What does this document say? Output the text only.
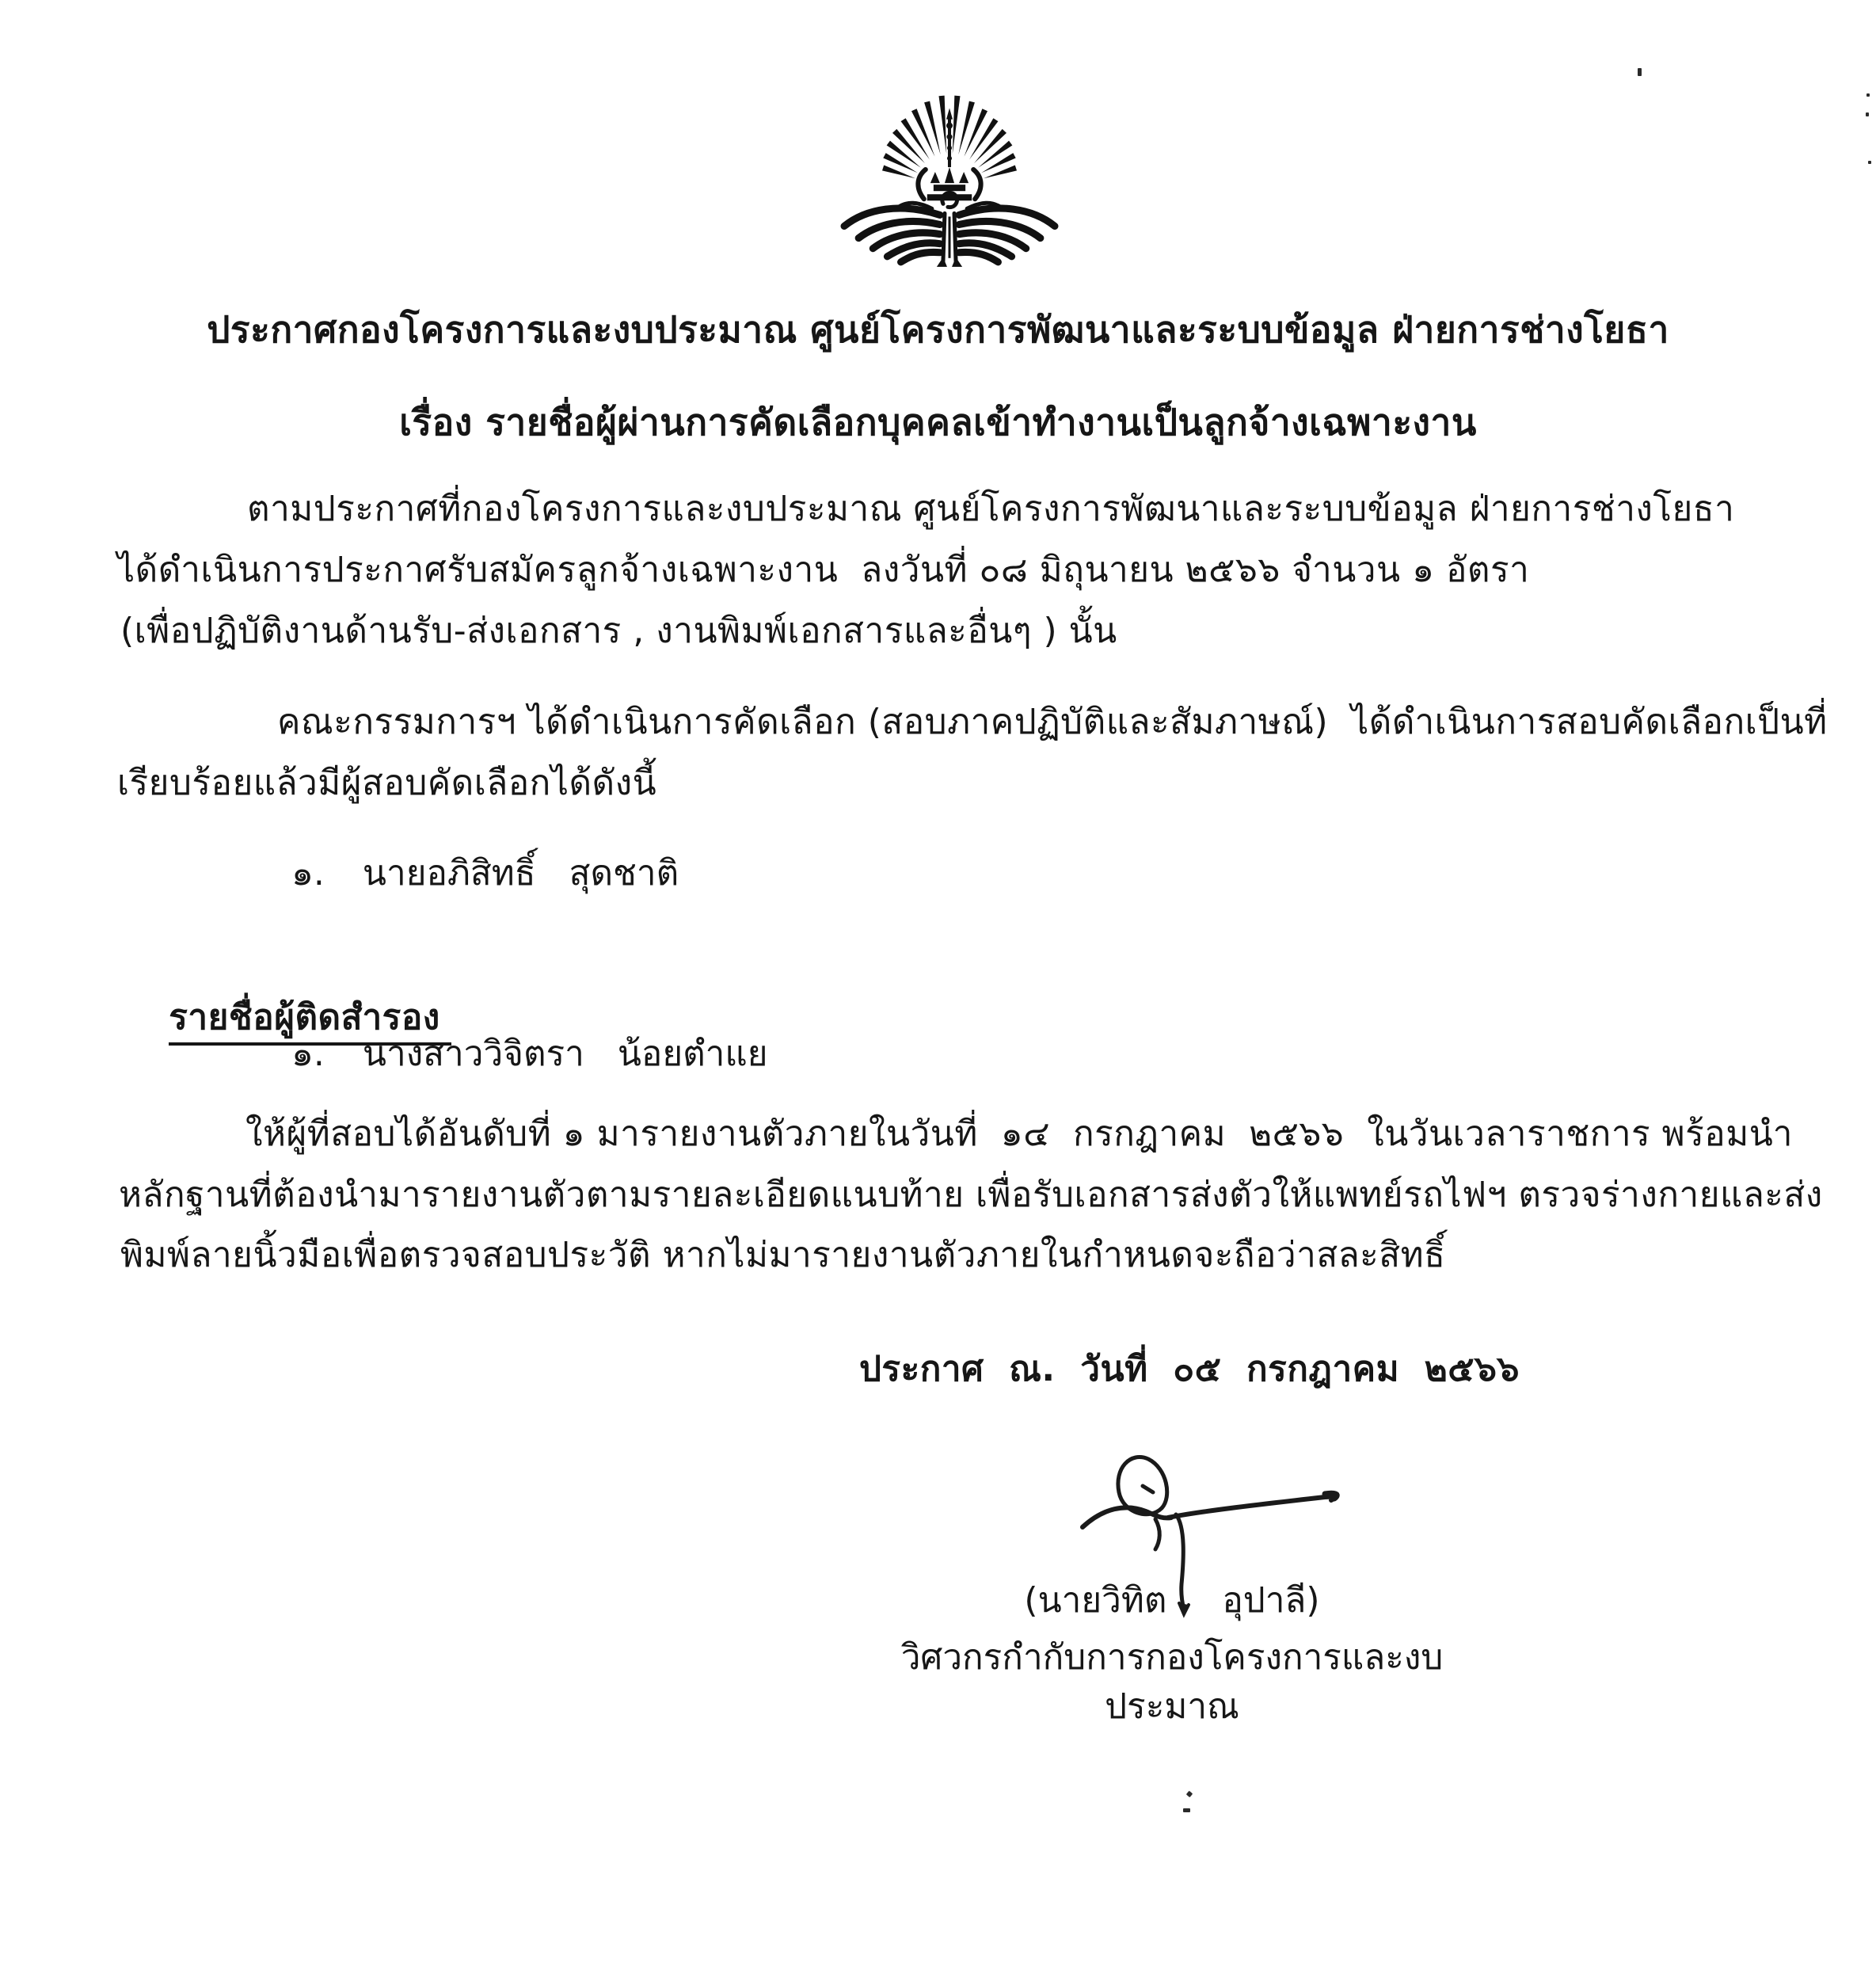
ประกาศกองโครงการและงบประมาณ ศูนย์โครงการพัฒนาและระบบข้อมูล ฝ่ายการช่างโยธา
เรื่อง รายชื่อผู้ผ่านการคัดเลือกบุคคลเข้าทำงานเป็นลูกจ้างเฉพาะงาน
ตามประกาศที่กองโครงการและงบประมาณ ศูนย์โครงการพัฒนาและระบบข้อมูล ฝ่ายการช่างโยธา
ได้ดำเนินการประกาศรับสมัครลูกจ้างเฉพาะงาน  ลงวันที่ ๐๘ มิถุนายน ๒๕๖๖ จำนวน ๑ อัตรา
(เพื่อปฏิบัติงานด้านรับ-ส่งเอกสาร , งานพิมพ์เอกสารและอื่นๆ ) นั้น
คณะกรรมการฯ ได้ดำเนินการคัดเลือก (สอบภาคปฏิบัติและสัมภาษณ์)  ได้ดำเนินการสอบคัดเลือกเป็นที่
เรียบร้อยแล้วมีผู้สอบคัดเลือกได้ดังนี้
๑. นายอภิสิทธิ์   สุดชาติ

รายชื่อผู้ติดสำรอง

๑. นางสาววิจิตรา   น้อยตำแย
ให้ผู้ที่สอบได้อันดับที่ ๑ มารายงานตัวภายในวันที่  ๑๔  กรกฎาคม  ๒๕๖๖  ในวันเวลาราชการ พร้อมนำ
หลักฐานที่ต้องนำมารายงานตัวตามรายละเอียดแนบท้าย เพื่อรับเอกสารส่งตัวให้แพทย์รถไฟฯ ตรวจร่างกายและส่ง
พิมพ์ลายนิ้วมือเพื่อตรวจสอบประวัติ หากไม่มารายงานตัวภายในกำหนดจะถือว่าสละสิทธิ์
ประกาศ  ณ.  วันที่  ๐๕  กรกฎาคม  ๒๕๖๖
(นายวิทิต     อุปาลี)
วิศวกรกำกับการกองโครงการและงบประมาณ
